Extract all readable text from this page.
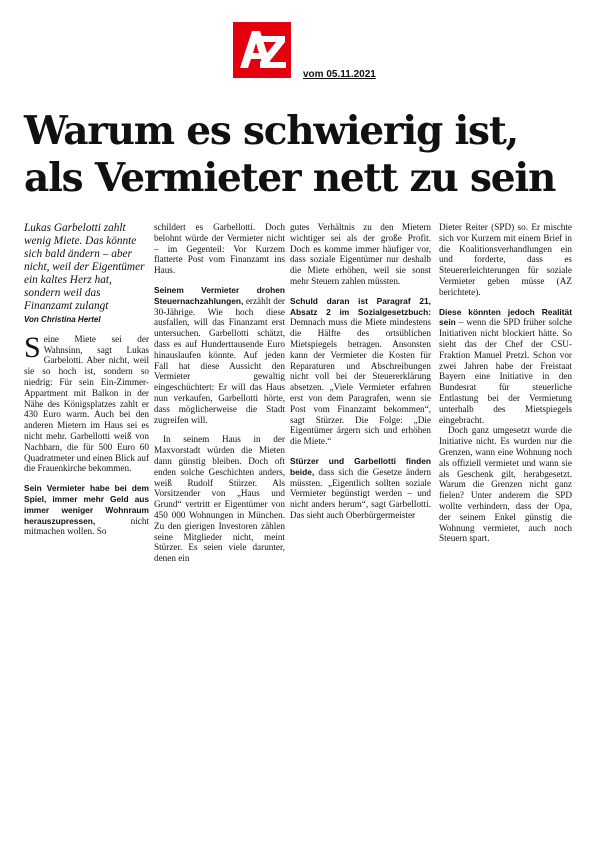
vom 05.11.2021
Warum es schwierig ist, als Vermieter nett zu sein

Lukas Garbelotti zahlt wenig Miete. Das könnte sich bald ändern – aber nicht, weil der Eigentümer ein kaltes Herz hat, sondern weil das Finanzamt zulangt

Von Christina Hertel

Seine Miete sei der Wahnsinn, sagt Lukas Garbelotti. Aber nicht, weil sie so hoch ist, sondern so niedrig: Für sein Ein-Zimmer-Appartment mit Balkon in der Nähe des Königsplatzes zahlt er 430 Euro warm. Auch bei den anderen Mietern im Haus sei es nicht mehr. Garbellotti weiß von Nachbarn, die für 500 Euro 60 Quadratmeter und einen Blick auf die Frauenkirche bekommen.

Sein Vermieter habe bei dem Spiel, immer mehr Geld aus immer weniger Wohnraum herauszupressen, nicht mitmachen wollen. So

schildert es Garbellotti. Doch belohnt würde der Vermieter nicht – im Gegenteil: Vor Kurzem flatterte Post vom Finanzamt ins Haus.

Seinem Vermieter drohen Steuernachzahlungen, erzählt der 30-Jährige. Wie hoch diese ausfallen, will das Finanzamt erst untersuchen. Garbellotti schätzt, dass es auf Hunderttausende Euro hinauslaufen könnte. Auf jeden Fall hat diese Aussicht den Vermieter gewaltig eingeschüchtert: Er will das Haus nun verkaufen, Garbellotti hörte, dass möglicherweise die Stadt zugreifen will.

In seinem Haus in der Maxvorstadt würden die Mieten dann günstig bleiben. Doch oft enden solche Geschichten anders, weiß Rudolf Stürzer. Als Vorsitzender von „Haus und Grund“ vertritt er Eigentümer von 450 000 Wohnungen in München. Zu den gierigen Investoren zählen seine Mitglieder nicht, meint Stürzer. Es seien viele darunter, denen ein

gutes Verhältnis zu den Mietern wichtiger sei als der große Profit. Doch es komme immer häufiger vor, dass soziale Eigentümer nur deshalb die Miete erhöhen, weil sie sonst mehr Steuern zahlen müssten.

Schuld daran ist Paragraf 21, Absatz 2 im Sozialgesetzbuch: Demnach muss die Miete mindestens die Hälfte des ortsüblichen Mietspiegels betragen. Ansonsten kann der Vermieter die Kosten für Reparaturen und Abschreibungen nicht voll bei der Steuererklärung absetzen. „Viele Vermieter erfahren erst von dem Paragrafen, wenn sie Post vom Finanzamt bekommen“, sagt Stürzer. Die Folge: „Die Eigentümer ärgern sich und erhöhen die Miete.“

Stürzer und Garbellotti finden beide, dass sich die Gesetze ändern müssten. „Eigentlich sollten soziale Vermieter begünstigt werden – und nicht anders herum“, sagt Garbellotti. Das sieht auch Oberbürgermeister

Dieter Reiter (SPD) so. Er mischte sich vor Kurzem mit einem Brief in die Koalitionsverhandlungen ein und forderte, dass es Steuererleichterungen für soziale Vermieter geben müsse (AZ berichtete).

Diese könnten jedoch Realität sein – wenn die SPD früher solche Initiativen nicht blockiert hätte. So sieht das der Chef der CSU-Fraktion Manuel Pretzl. Schon vor zwei Jahren habe der Freistaat Bayern eine Initiative in den Bundesrat für steuerliche Entlastung bei der Vermietung unterhalb des Mietspiegels eingebracht.

Doch ganz umgesetzt wurde die Initiative nicht. Es wurden nur die Grenzen, wann eine Wohnung noch als offiziell vermietet und wann sie als Geschenk gilt, herabgesetzt. Warum die Grenzen nicht ganz fielen? Unter anderem die SPD wollte verhindern, dass der Opa, der seinem Enkel günstig die Wohnung vermietet, auch noch Steuern spart.
